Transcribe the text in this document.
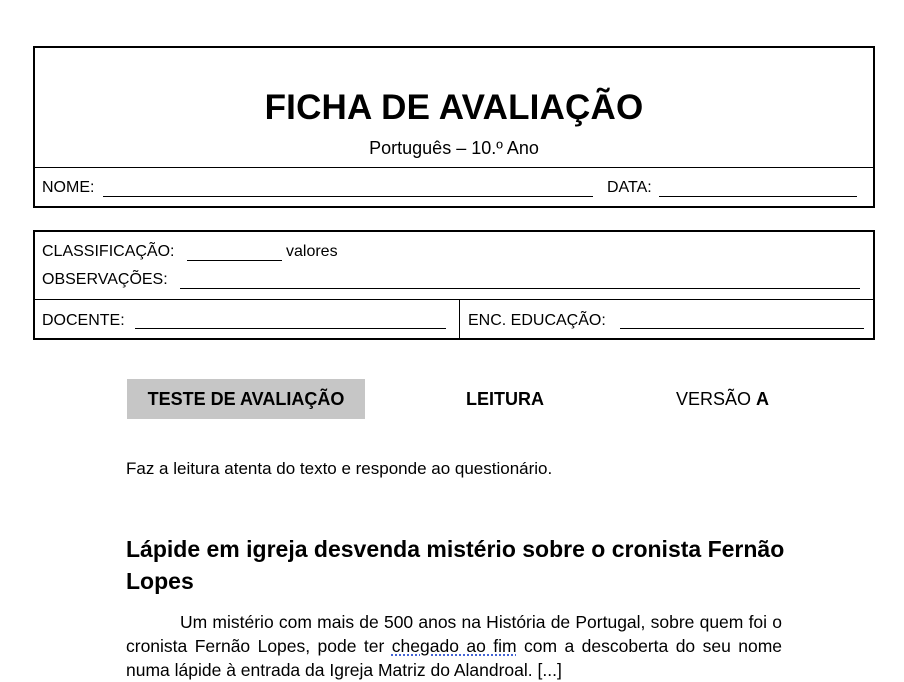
FICHA DE AVALIAÇÃO
Português – 10.º Ano
NOME:	DATA:
CLASSIFICAÇÃO:	valores
OBSERVAÇÕES:
DOCENTE:	ENC. EDUCAÇÃO:
TESTE DE AVALIAÇÃO	LEITURA	VERSÃO A
Faz a leitura atenta do texto e responde ao questionário.
Lápide em igreja desvenda mistério sobre o cronista Fernão Lopes
Um mistério com mais de 500 anos na História de Portugal, sobre quem foi o cronista Fernão Lopes, pode ter chegado ao fim com a descoberta do seu nome numa lápide à entrada da Igreja Matriz do Alandroal. [...]
